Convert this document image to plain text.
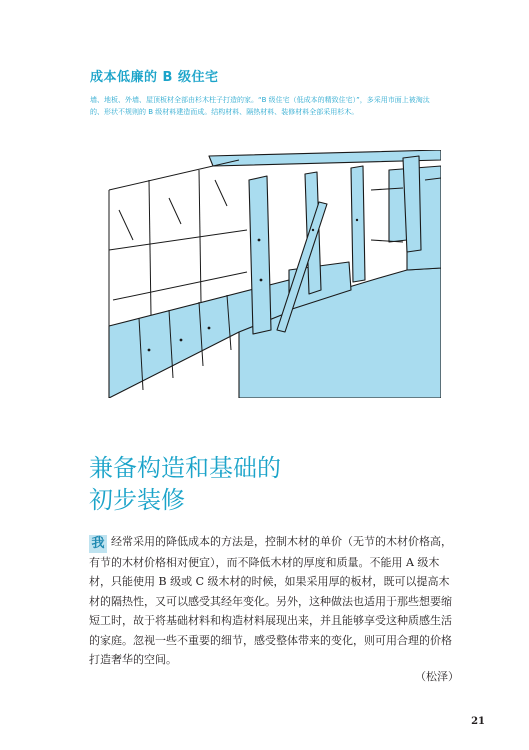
成本低廉的 B 级住宅
墙、地板、外墙、屋顶板材全部由杉木柱子打造的家。“B 级住宅（低成本的精致住宅）”，多采用市面上被淘汰的、形状不规则的 B 级材料建造而成。结构材料、隔热材料、装修材料全部采用杉木。
兼备构造和基础的
初步装修
我 经常采用的降低成本的方法是，控制木材的单价（无节的木材价格高，有节的木材价格相对便宜），而不降低木材的厚度和质量。不能用 A 级木材，只能使用 B 级或 C 级木材的时候，如果采用厚的板材，既可以提高木材的隔热性，又可以感受其经年变化。另外，这种做法也适用于那些想要缩短工时，故于将基础材料和构造材料展现出来，并且能够享受这种质感生活的家庭。忽视一些不重要的细节，感受整体带来的变化，则可用合理的价格打造奢华的空间。
（松泽）
21
